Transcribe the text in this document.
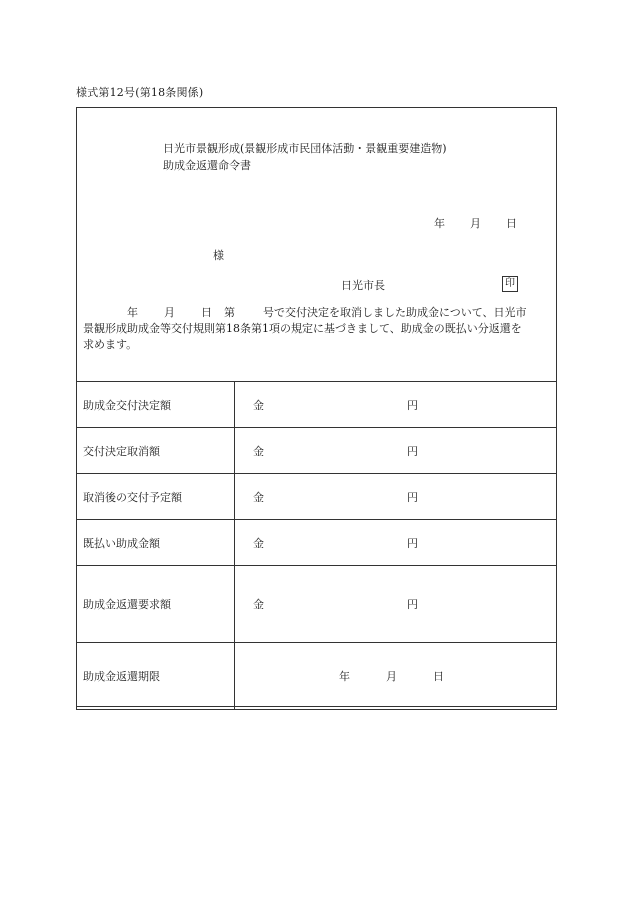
様式第12号(第18条関係)
日光市景観形成(景観形成市民団体活動・景観重要建造物)
助成金返還命令書
年 月 日
様
日光市長	印
年 月 日 第	号で交付決定を取消しました助成金について、日光市
景観形成助成金等交付規則第18条第1項の規定に基づきまして、助成金の既払い分返還を
求めます。
助成金交付決定額	金 円

交付決定取消額	金 円

取消後の交付予定額	金 円

既払い助成金額	金 円

助成金返還要求額	金 円

助成金返還期限	年 月 日
